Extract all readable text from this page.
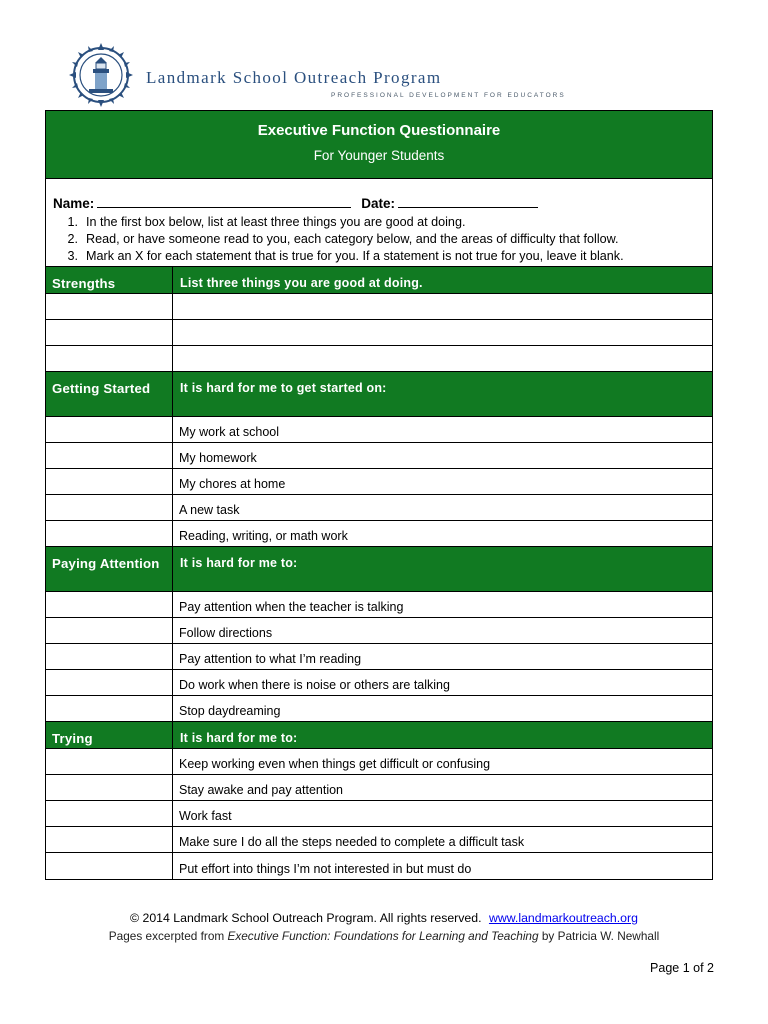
Landmark School Outreach Program
PROFESSIONAL DEVELOPMENT FOR EDUCATORS
Executive Function Questionnaire
For Younger Students
Name:	Date:
1. In the first box below, list at least three things you are good at doing.
2. Read, or have someone read to you, each category below, and the areas of difficulty that follow.
3. Mark an X for each statement that is true for you. If a statement is not true for you, leave it blank.
Strengths	List three things you are good at doing.
Getting Started	It is hard for me to get started on:
My work at school
My homework
My chores at home
A new task
Reading, writing, or math work
Paying Attention	It is hard for me to:
Pay attention when the teacher is talking
Follow directions
Pay attention to what I’m reading
Do work when there is noise or others are talking
Stop daydreaming
Trying	It is hard for me to:
Keep working even when things get difficult or confusing
Stay awake and pay attention
Work fast
Make sure I do all the steps needed to complete a difficult task
Put effort into things I’m not interested in but must do
© 2014 Landmark School Outreach Program. All rights reserved. www.landmarkoutreach.org
Pages excerpted from Executive Function: Foundations for Learning and Teaching by Patricia W. Newhall
Page 1 of 2
